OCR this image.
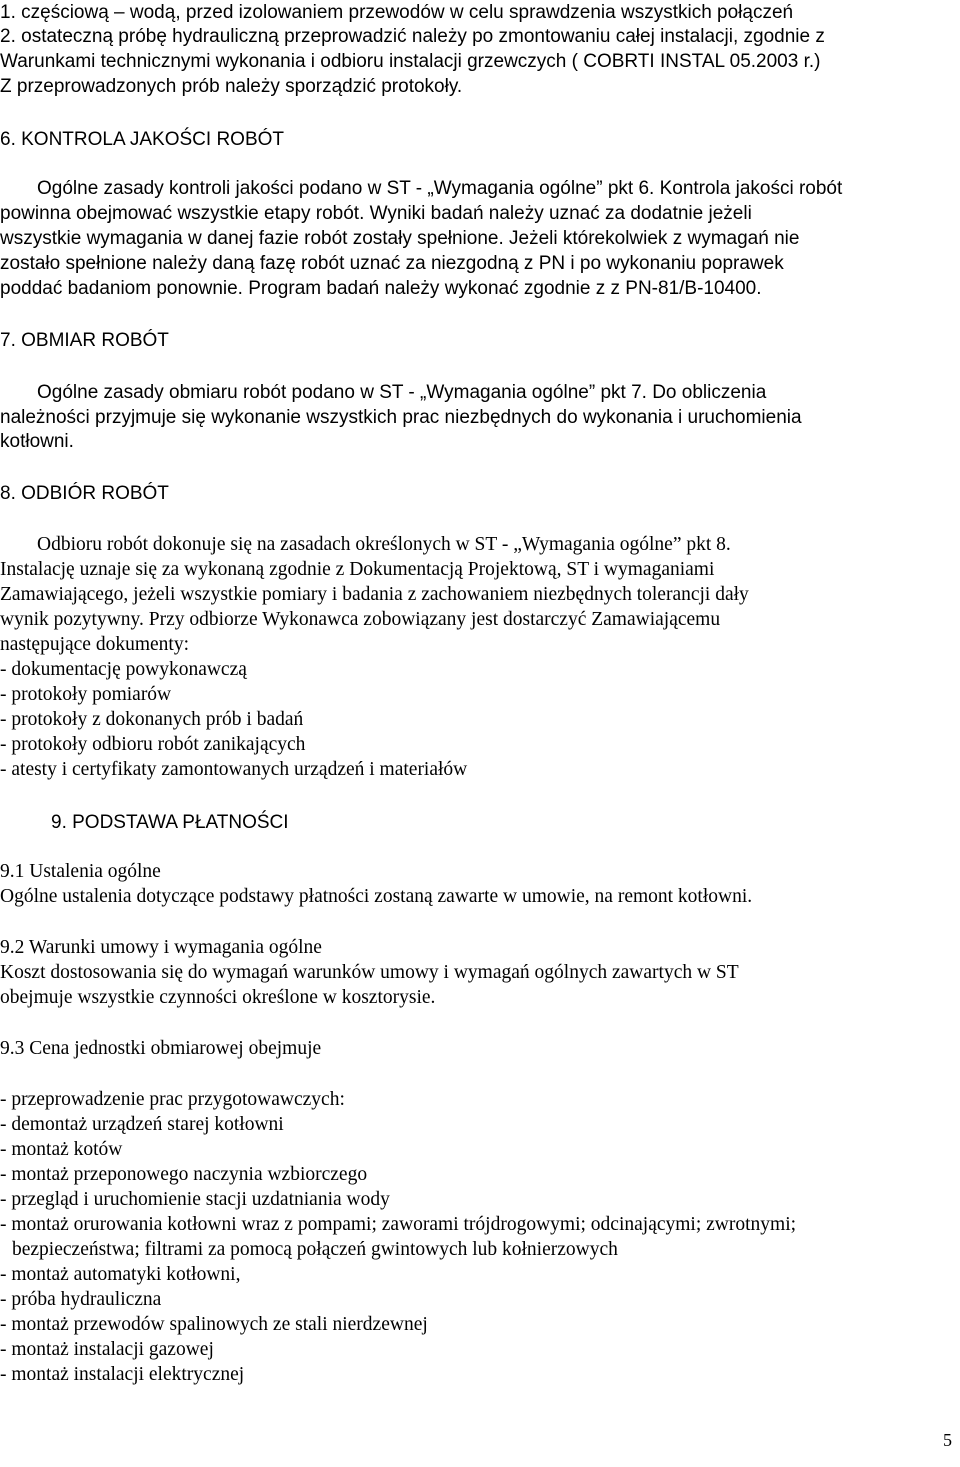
1. częściową – wodą, przed izolowaniem przewodów w celu sprawdzenia wszystkich połączeń
2. ostateczną próbę hydrauliczną przeprowadzić należy po zmontowaniu całej instalacji, zgodnie z
Warunkami technicznymi wykonania i odbioru instalacji grzewczych ( COBRTI INSTAL 05.2003 r.)
Z przeprowadzonych prób należy sporządzić protokoły.
6. KONTROLA JAKOŚCI ROBÓT
Ogólne zasady kontroli jakości podano w ST - „Wymagania ogólne” pkt 6. Kontrola jakości robót
powinna obejmować wszystkie etapy robót. Wyniki badań należy uznać za dodatnie jeżeli
wszystkie wymagania w danej fazie robót zostały spełnione. Jeżeli którekolwiek z wymagań nie
zostało spełnione należy daną fazę robót uznać za niezgodną z PN i po wykonaniu poprawek
poddać badaniom ponownie. Program badań należy wykonać zgodnie z z PN-81/B-10400.
7. OBMIAR ROBÓT
Ogólne zasady obmiaru robót podano w ST - „Wymagania ogólne” pkt 7. Do obliczenia
należności przyjmuje się wykonanie wszystkich prac niezbędnych do wykonania i uruchomienia
kotłowni.
8. ODBIÓR ROBÓT
Odbioru robót dokonuje się na zasadach określonych w ST - „Wymagania ogólne” pkt 8.
Instalację uznaje się za wykonaną zgodnie z Dokumentacją Projektową, ST i wymaganiami
Zamawiającego, jeżeli wszystkie pomiary i badania z zachowaniem niezbędnych tolerancji dały
wynik pozytywny. Przy odbiorze Wykonawca zobowiązany jest dostarczyć Zamawiającemu
następujące dokumenty:
- dokumentację powykonawczą
- protokoły pomiarów
- protokoły z dokonanych prób i badań
- protokoły odbioru robót zanikających
- atesty i certyfikaty zamontowanych urządzeń i materiałów
9. PODSTAWA PŁATNOŚCI
9.1 Ustalenia ogólne
Ogólne ustalenia dotyczące podstawy płatności zostaną zawarte w umowie, na remont kotłowni.
9.2 Warunki umowy i wymagania ogólne
Koszt dostosowania się do wymagań warunków umowy i wymagań ogólnych zawartych w ST
obejmuje wszystkie czynności określone w kosztorysie.
9.3 Cena jednostki obmiarowej obejmuje
- przeprowadzenie prac przygotowawczych:
- demontaż urządzeń starej kotłowni
- montaż kotów
- montaż przeponowego naczynia wzbiorczego
- przegląd i uruchomienie stacji uzdatniania wody
- montaż orurowania kotłowni wraz z pompami; zaworami trójdrogowymi; odcinającymi; zwrotnymi;
bezpieczeństwa; filtrami za pomocą połączeń gwintowych lub kołnierzowych
- montaż automatyki kotłowni,
- próba hydrauliczna
- montaż przewodów spalinowych ze stali nierdzewnej
- montaż instalacji gazowej
- montaż instalacji elektrycznej
5
